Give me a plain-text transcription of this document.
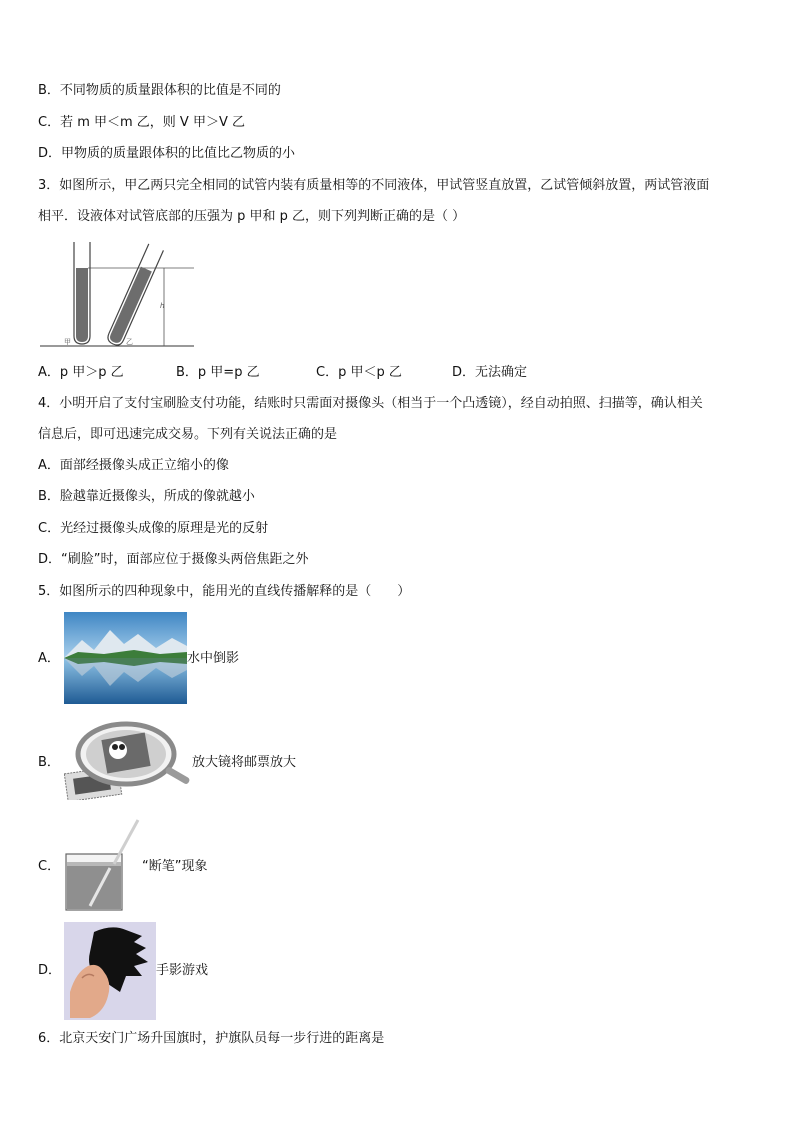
B．不同物质的质量跟体积的比值是不同的
C．若 m 甲＜m 乙，则 V 甲＞V 乙
D．甲物质的质量跟体积的比值比乙物质的小
3．如图所示，甲乙两只完全相同的试管内装有质量相等的不同液体，甲试管竖直放置，乙试管倾斜放置，两试管液面
相平．设液体对试管底部的压强为 p 甲和 p 乙，则下列判断正确的是（ ）
甲	乙
h
A．p 甲＞p 乙	B．p 甲=p 乙	C．p 甲＜p 乙	D．无法确定
4．小明开启了支付宝刷脸支付功能，结账时只需面对摄像头（相当于一个凸透镜），经自动拍照、扫描等，确认相关
信息后，即可迅速完成交易。下列有关说法正确的是
A．面部经摄像头成正立缩小的像
B．脸越靠近摄像头，所成的像就越小
C．光经过摄像头成像的原理是光的反射
D．“刷脸”时，面部应位于摄像头两倍焦距之外
5．如图所示的四种现象中，能用光的直线传播解释的是（　　）
A．	水中倒影
B．	放大镜将邮票放大
C．	“断笔”现象
D．	手影游戏
6．北京天安门广场升国旗时，护旗队员每一步行进的距离是
